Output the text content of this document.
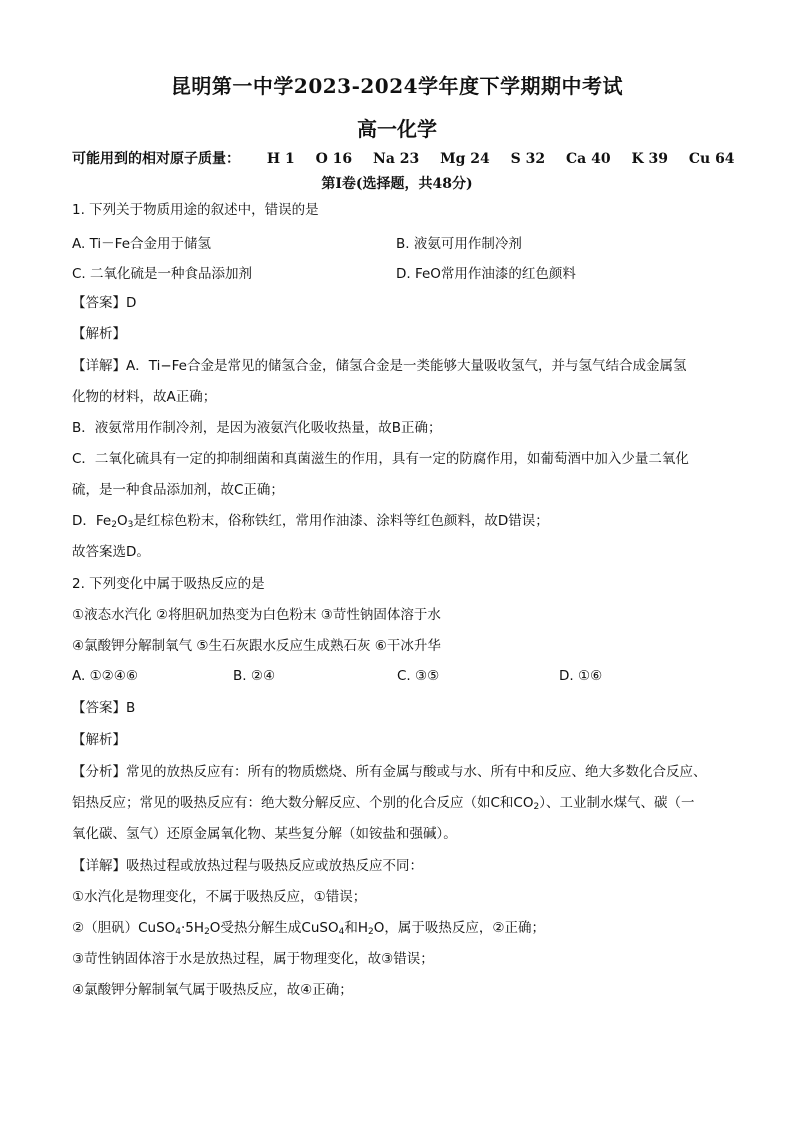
昆明第一中学2023-2024学年度下学期期中考试
高一化学
可能用到的相对原子质量： H 1 O 16 Na 23 Mg 24 S 32 Ca 40 K 39 Cu 64
第I卷(选择题，共48分)
1. 下列关于物质用途的叙述中，错误的是
A. Ti－Fe合金用于储氢	B. 液氨可用作制冷剂
C. 二氧化硫是一种食品添加剂	D. FeO常用作油漆的红色颜料
【答案】D
【解析】
【详解】A．Ti−Fe合金是常见的储氢合金，储氢合金是一类能够大量吸收氢气，并与氢气结合成金属氢
化物的材料，故A正确；
B．液氨常用作制冷剂，是因为液氨汽化吸收热量，故B正确；
C．二氧化硫具有一定的抑制细菌和真菌滋生的作用，具有一定的防腐作用，如葡萄酒中加入少量二氧化
硫，是一种食品添加剂，故C正确；
D．$Fe_2O_3$是红棕色粉末，俗称铁红，常用作油漆、涂料等红色颜料，故D错误；
故答案选D。
2. 下列变化中属于吸热反应的是
①液态水汽化 ②将胆矾加热变为白色粉末 ③苛性钠固体溶于水
④氯酸钾分解制氧气 ⑤生石灰跟水反应生成熟石灰 ⑥干冰升华
A. ①②④⑥	B. ②④	C. ③⑤	D. ①⑥
【答案】B
【解析】
【分析】常见的放热反应有：所有的物质燃烧、所有金属与酸或与水、所有中和反应、绝大多数化合反应、
铝热反应；常见的吸热反应有：绝大数分解反应、个别的化合反应（如C和$CO_2$）、工业制水煤气、碳（一
氧化碳、氢气）还原金属氧化物、某些复分解（如铵盐和强碱）。
【详解】吸热过程或放热过程与吸热反应或放热反应不同：
①水汽化是物理变化，不属于吸热反应，①错误；
②（胆矾）$CuSO_4\cdot 5H_2O$受热分解生成CuSO$_4$和$H_2O$，属于吸热反应，②正确；
③苛性钠固体溶于水是放热过程，属于物理变化，故③错误；
④氯酸钾分解制氧气属于吸热反应，故④正确；
